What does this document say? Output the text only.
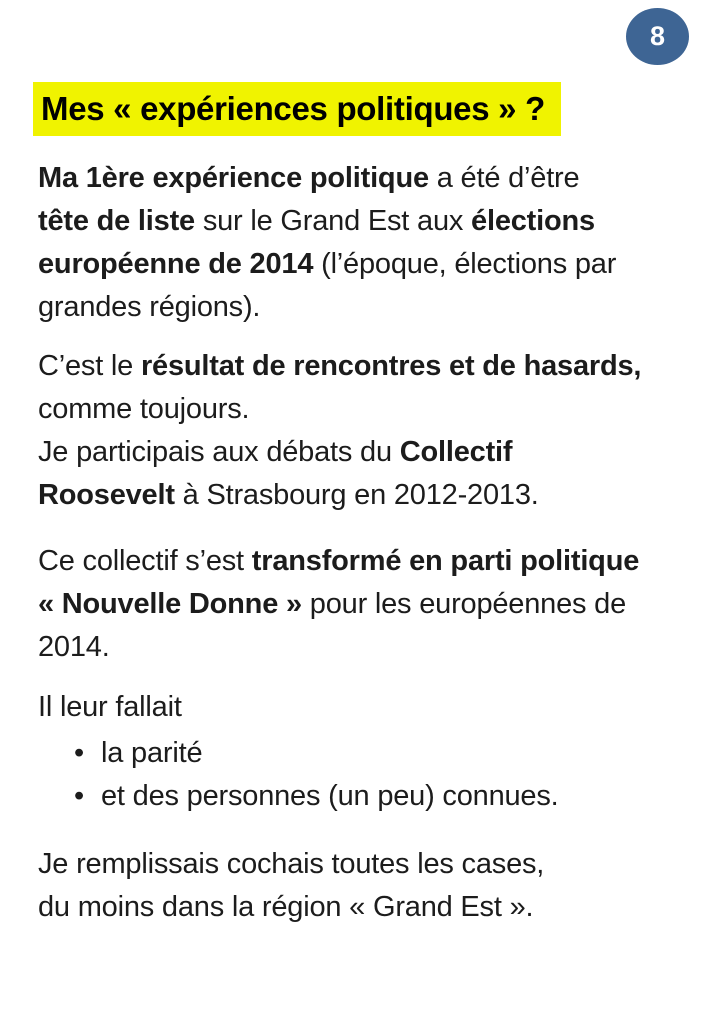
8
Mes « expériences politiques » ?
Ma 1ère expérience politique a été d’être
tête de liste sur le Grand Est aux élections
européenne de 2014 (l’époque, élections par
grandes régions).
C’est le résultat de rencontres et de hasards,
comme toujours.
Je participais aux débats du Collectif
Roosevelt à Strasbourg en 2012-2013.
Ce collectif s’est transformé en parti politique
« Nouvelle Donne » pour les européennes de
2014.
Il leur fallait
• la parité
• et des personnes (un peu) connues.
Je remplissais cochais toutes les cases,
du moins dans la région « Grand Est ».
